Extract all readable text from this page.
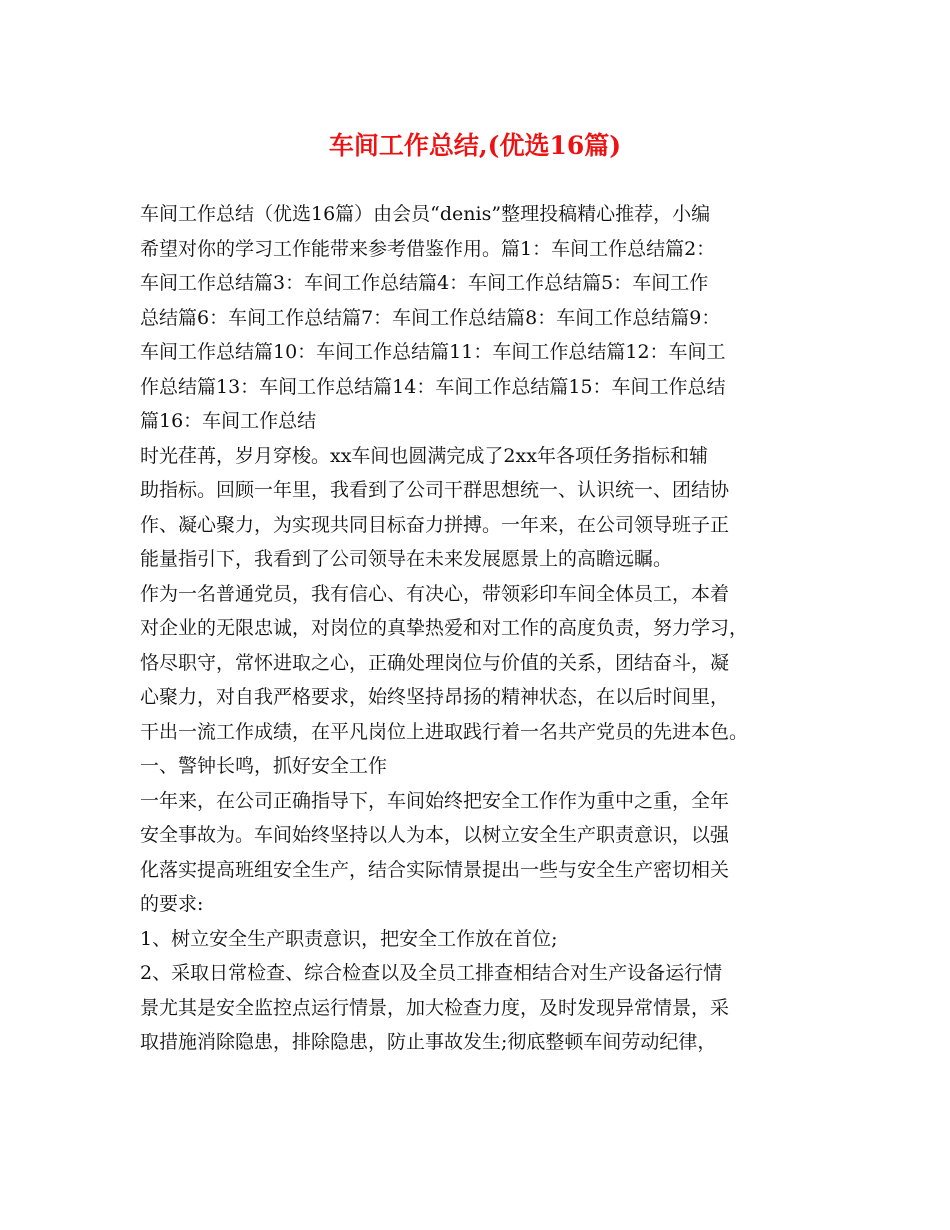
车间工作总结,(优选16篇)
车间工作总结（优选16篇）由会员“denis”整理投稿精心推荐，小编
希望对你的学习工作能带来参考借鉴作用。篇1：车间工作总结篇2：
车间工作总结篇3：车间工作总结篇4：车间工作总结篇5：车间工作
总结篇6：车间工作总结篇7：车间工作总结篇8：车间工作总结篇9：
车间工作总结篇10：车间工作总结篇11：车间工作总结篇12：车间工
作总结篇13：车间工作总结篇14：车间工作总结篇15：车间工作总结
篇16：车间工作总结
时光荏苒，岁月穿梭。xx车间也圆满完成了2xx年各项任务指标和辅
助指标。回顾一年里，我看到了公司干群思想统一、认识统一、团结协
作、凝心聚力，为实现共同目标奋力拼搏。一年来，在公司领导班子正
能量指引下，我看到了公司领导在未来发展愿景上的高瞻远瞩。
作为一名普通党员，我有信心、有决心，带领彩印车间全体员工，本着
对企业的无限忠诚，对岗位的真挚热爱和对工作的高度负责，努力学习，
恪尽职守，常怀进取之心，正确处理岗位与价值的关系，团结奋斗，凝
心聚力，对自我严格要求，始终坚持昂扬的精神状态，在以后时间里，
干出一流工作成绩，在平凡岗位上进取践行着一名共产党员的先进本色。
一、警钟长鸣，抓好安全工作
一年来，在公司正确指导下，车间始终把安全工作作为重中之重，全年
安全事故为。车间始终坚持以人为本，以树立安全生产职责意识，以强
化落实提高班组安全生产，结合实际情景提出一些与安全生产密切相关
的要求:
1、树立安全生产职责意识，把安全工作放在首位;
2、采取日常检查、综合检查以及全员工排查相结合对生产设备运行情
景尤其是安全监控点运行情景，加大检查力度，及时发现异常情景，采
取措施消除隐患，排除隐患，防止事故发生;彻底整顿车间劳动纪律，
